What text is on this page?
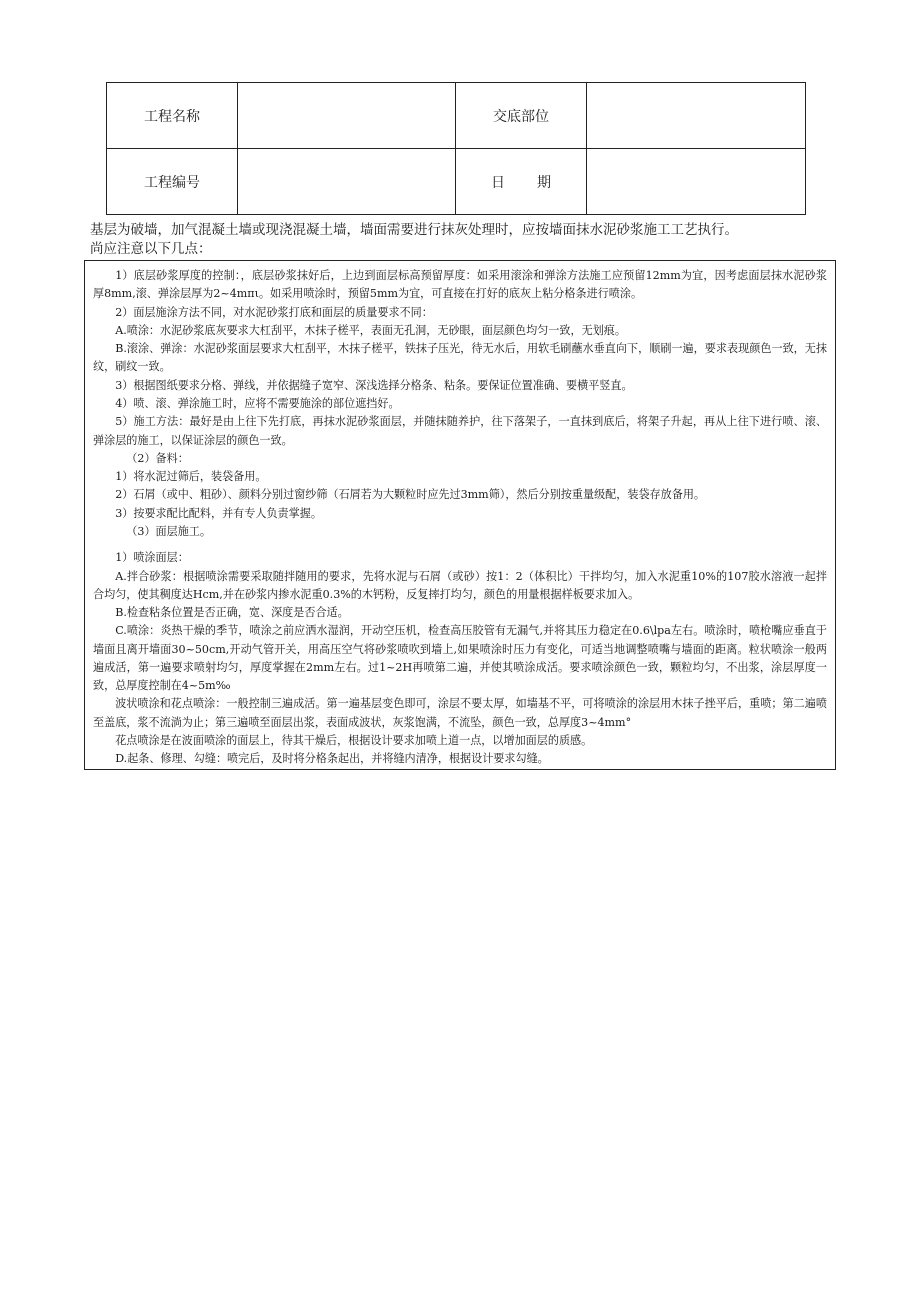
工程名称		交底部位	
工程编号		日 期	
基层为破墙，加气混凝土墙或现浇混凝土墙，墙面需要进行抹灰处理时，应按墙面抹水泥砂浆施工工艺执行。
尚应注意以下几点：

1）底层砂浆厚度的控制：，底层砂浆抹好后，上边到面层标高预留厚度：如采用滚涂和弹涂方法施工应预留12mm为宜，因考虑面层抹水泥砂浆厚8mm,滚、弹涂层厚为2~4mπι。如采用喷涂时，预留5mm为宜，可直接在打好的底灰上粘分格条进行喷涂。

2）面层施涂方法不同，对水泥砂浆打底和面层的质量要求不同：

A.喷涂：水泥砂浆底灰要求大杠刮平，木抹子槎平，表面无孔洞，无砂眼，面层颜色均匀一致，无划痕。

B.滚涂、弹涂：水泥砂浆面层要求大杠刮平，木抹子槎平，铁抹子压光，待无水后，用软毛刷蘸水垂直向下，顺刷一遍，要求表现颜色一致，无抹纹，刷纹一致。

3）根据图纸要求分格、弹线，并依据缝子宽窄、深浅选择分格条、粘条。要保证位置准确、要横平竖直。

4）喷、滚、弹涂施工时，应将不需要施涂的部位遮挡好。

5）施工方法：最好是由上往下先打底，再抹水泥砂浆面层，并随抹随养护，往下落架子，一直抹到底后，将架子升起，再从上往下进行喷、滚、弹涂层的施工，以保证涂层的颜色一致。

（2）备料：

1）将水泥过筛后，装袋备用。

2）石屑（或中、粗砂）、颜料分别过窗纱筛（石屑若为大颗粒时应先过3mm筛），然后分别按重量级配，装袋存放备用。

3）按要求配比配料，并有专人负责掌握。

（3）面层施工。

1）喷涂面层：

A.拌合砂浆：根据喷涂需要采取随拌随用的要求，先将水泥与石屑（或砂）按1：2（体积比）干拌均匀，加入水泥重10%的107胶水溶液一起拌合均匀，使其稠度达Hcm,并在砂浆内掺水泥重0.3%的木钙粉，反复摔打均匀，颜色的用量根据样板要求加入。

B.检查粘条位置是否正确，宽、深度是否合适。

C.喷涂：炎热干燥的季节，喷涂之前应洒水湿润，开动空压机，检查高压胶管有无漏气,并将其压力稳定在0.6\lpa左右。喷涂时，喷枪嘴应垂直于墙面且离开墙面30~50cm,开动气管开关，用高压空气将砂浆喷吹到墙上,如果喷涂时压力有变化，可适当地调整喷嘴与墙面的距离。粒状喷涂一般两遍成活，第一遍要求喷射均匀，厚度掌握在2mm左右。过1~2H再喷第二遍，并使其喷涂成活。要求喷涂颜色一致，颗粒均匀，不出浆，涂层厚度一致，总厚度控制在4~5m‰

波状喷涂和花点喷涂：一般控制三遍成活。第一遍基层变色即可，涂层不要太厚，如墙基不平，可将喷涂的涂层用木抹子挫平后，重喷；第二遍喷至盖底，浆不流淌为止；第三遍喷至面层出浆，表面成波状，灰浆饱满，不流坠，颜色一致，总厚度3~4mm°

花点喷涂是在波面喷涂的面层上，待其干燥后，根据设计要求加喷上道一点，以增加面层的质感。

D.起条、修理、勾缝：喷完后，及时将分格条起出，并将缝内清净，根据设计要求勾缝。
